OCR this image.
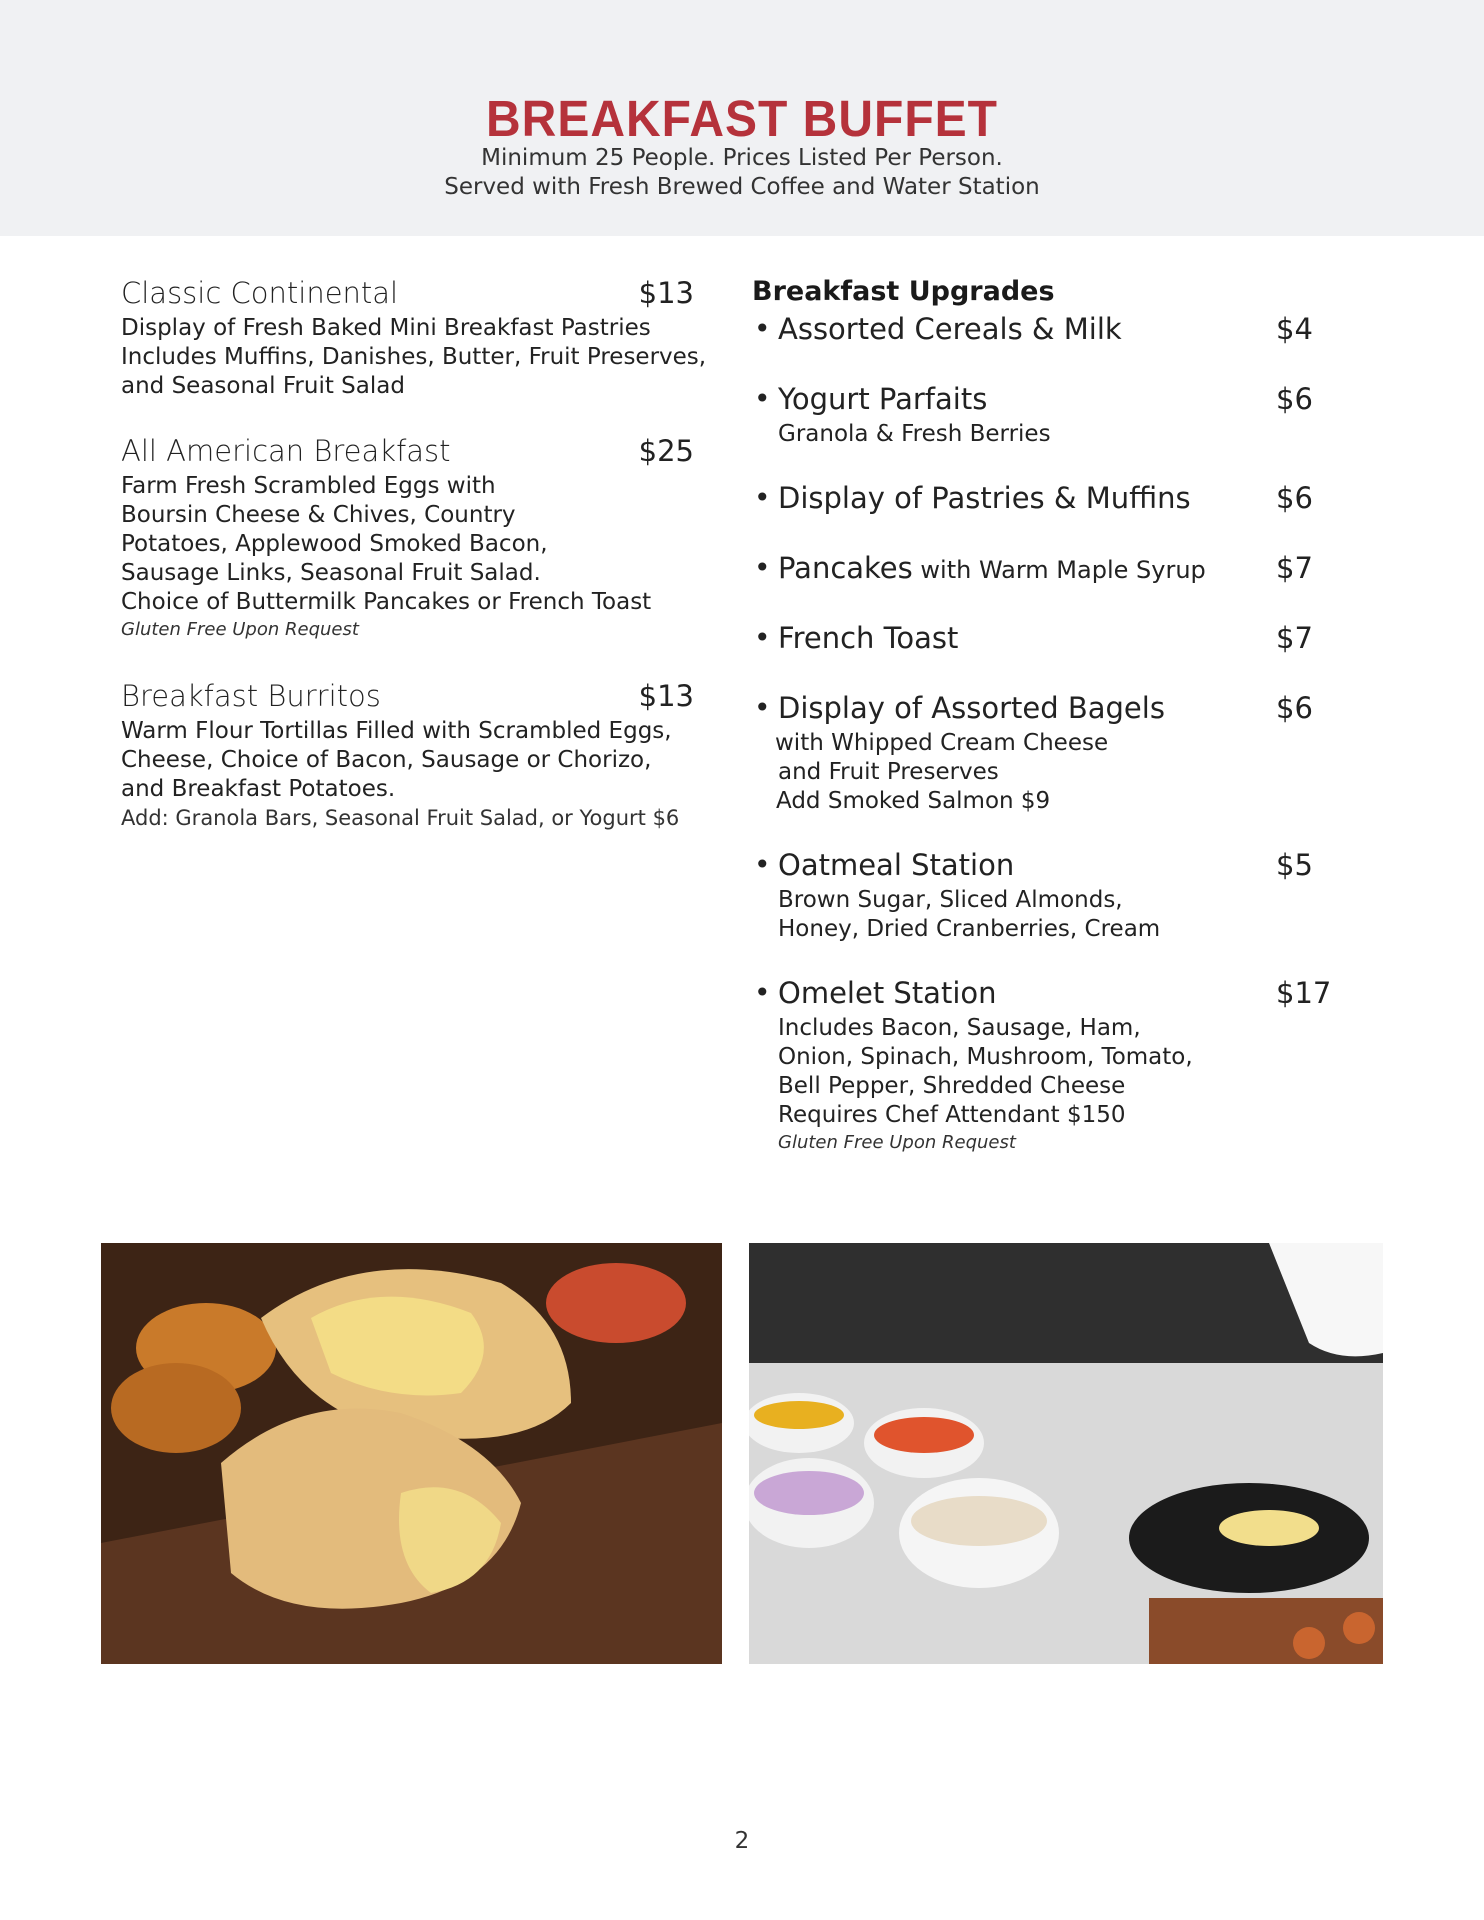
BREAKFAST BUFFET
Minimum 25 People. Prices Listed Per Person.
Served with Fresh Brewed Coffee and Water Station
Classic Continental	$13
Display of Fresh Baked Mini Breakfast Pastries
Includes Muffins, Danishes, Butter, Fruit Preserves,
and Seasonal Fruit Salad
All American Breakfast	$25
Farm Fresh Scrambled Eggs with
Boursin Cheese & Chives, Country
Potatoes, Applewood Smoked Bacon,
Sausage Links, Seasonal Fruit Salad.
Choice of Buttermilk Pancakes or French Toast
Gluten Free Upon Request
Breakfast Burritos	$13
Warm Flour Tortillas Filled with Scrambled Eggs,
Cheese, Choice of Bacon, Sausage or Chorizo,
and Breakfast Potatoes.
Add: Granola Bars, Seasonal Fruit Salad, or Yogurt $6
Breakfast Upgrades
• Assorted Cereals & Milk	$4
• Yogurt Parfaits	$6
Granola & Fresh Berries
• Display of Pastries & Muffins	$6
• Pancakes with Warm Maple Syrup $7
• French Toast	$7
• Display of Assorted Bagels	$6
with Whipped Cream Cheese
and Fruit Preserves
Add Smoked Salmon $9
• Oatmeal Station	$5
Brown Sugar, Sliced Almonds,
Honey, Dried Cranberries, Cream
• Omelet Station	$17
Includes Bacon, Sausage, Ham,
Onion, Spinach, Mushroom, Tomato,
Bell Pepper, Shredded Cheese
Requires Chef Attendant $150
Gluten Free Upon Request
2
